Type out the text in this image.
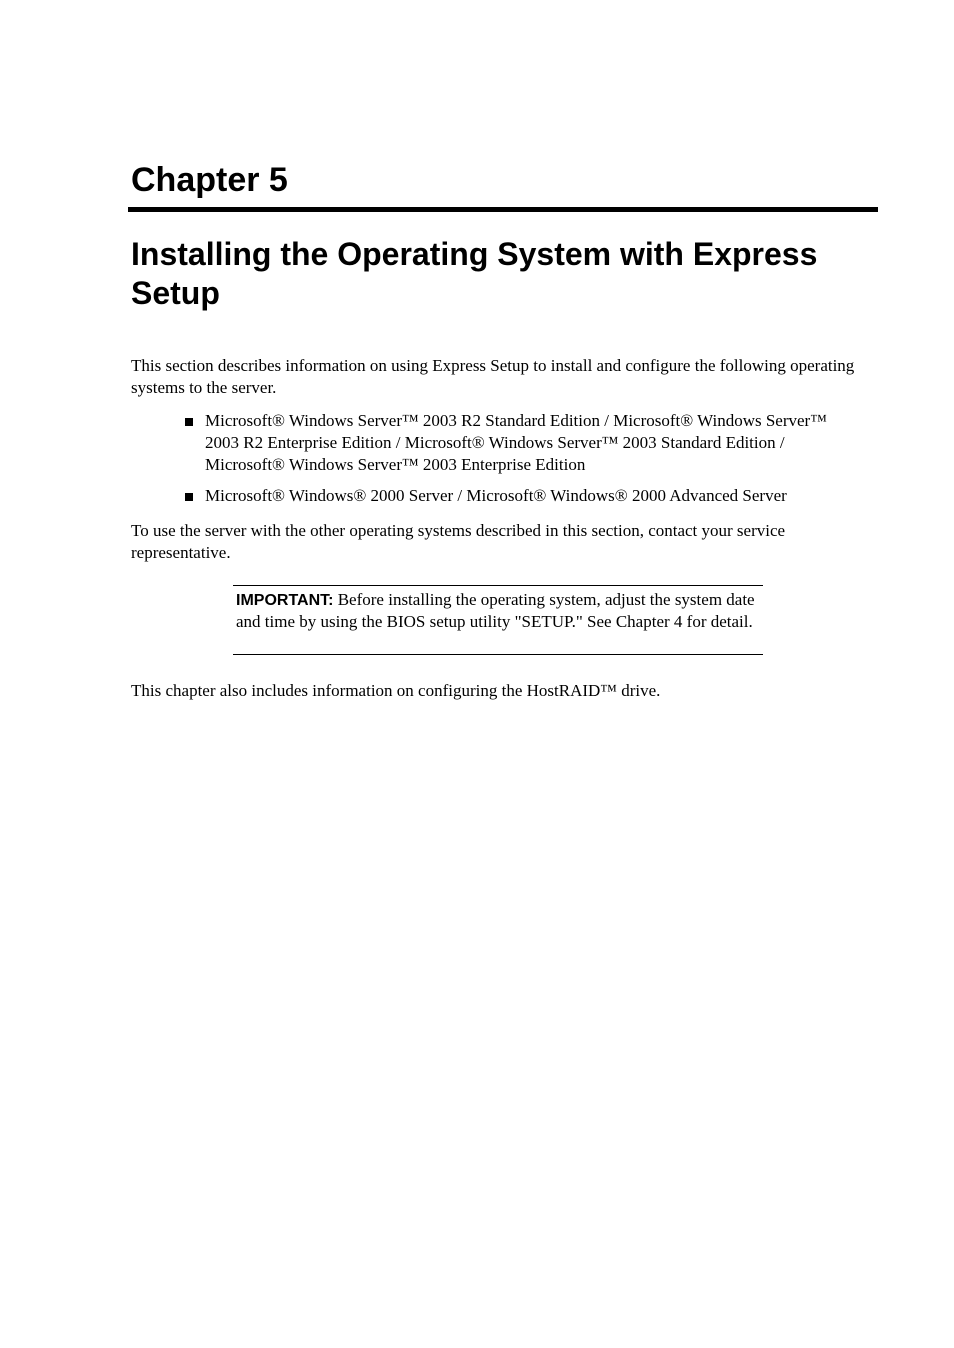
Chapter 5
Installing the Operating System with Express Setup

This section describes information on using Express Setup to install and configure the following operating systems to the server.

Microsoft® Windows Server™ 2003 R2 Standard Edition / Microsoft® Windows Server™ 2003 R2 Enterprise Edition / Microsoft® Windows Server™ 2003 Standard Edition / Microsoft® Windows Server™ 2003 Enterprise Edition
Microsoft® Windows® 2000 Server / Microsoft® Windows® 2000 Advanced Server

To use the server with the other operating systems described in this section, contact your service representative.

IMPORTANT: Before installing the operating system, adjust the system date and time by using the BIOS setup utility "SETUP." See Chapter 4 for detail.

This chapter also includes information on configuring the HostRAID™ drive.
